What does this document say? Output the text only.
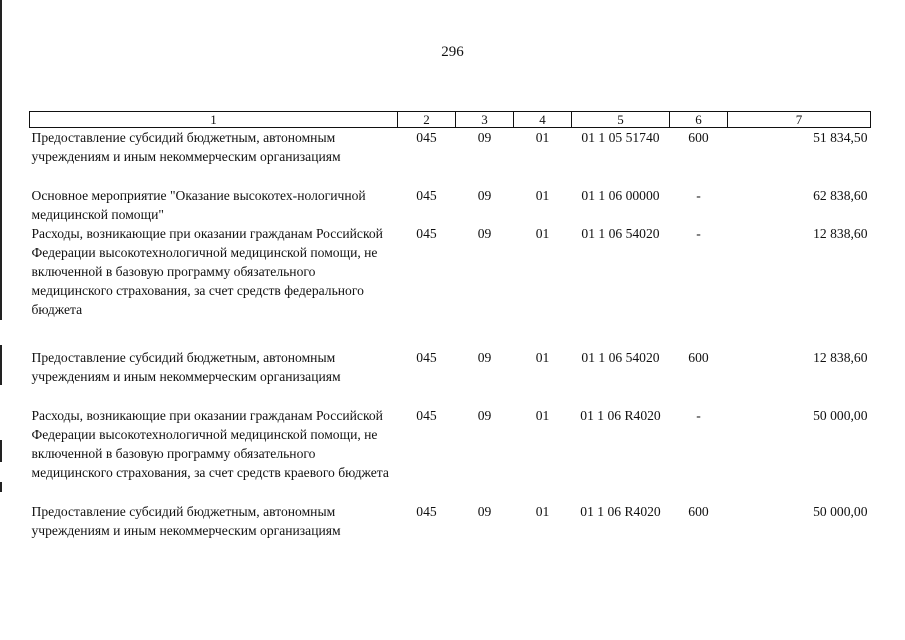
296
1	2	3	4	5	6	7
Предоставление субсидий бюджетным, автономным учреждениям и иным некоммерческим организациям	045	09	01	01 1 05 51740	600	51 834,50
Основное мероприятие "Оказание высокотех-нологичной медицинской помощи"	045	09	01	01 1 06 00000	-	62 838,60
Расходы, возникающие при оказании гражданам Российской Федерации высокотехнологичной медицинской помощи, не включенной в базовую программу обязательного медицинского страхования, за счет средств федерального бюджета	045	09	01	01 1 06 54020	-	12 838,60
Предоставление субсидий бюджетным, автономным учреждениям и иным некоммерческим организациям	045	09	01	01 1 06 54020	600	12 838,60
Расходы, возникающие при оказании гражданам Российской Федерации высокотехнологичной медицинской помощи, не включенной в базовую программу обязательного медицинского страхования, за счет средств краевого бюджета	045	09	01	01 1 06 R4020	-	50 000,00
Предоставление субсидий бюджетным, автономным учреждениям и иным некоммерческим организациям	045	09	01	01 1 06 R4020	600	50 000,00
